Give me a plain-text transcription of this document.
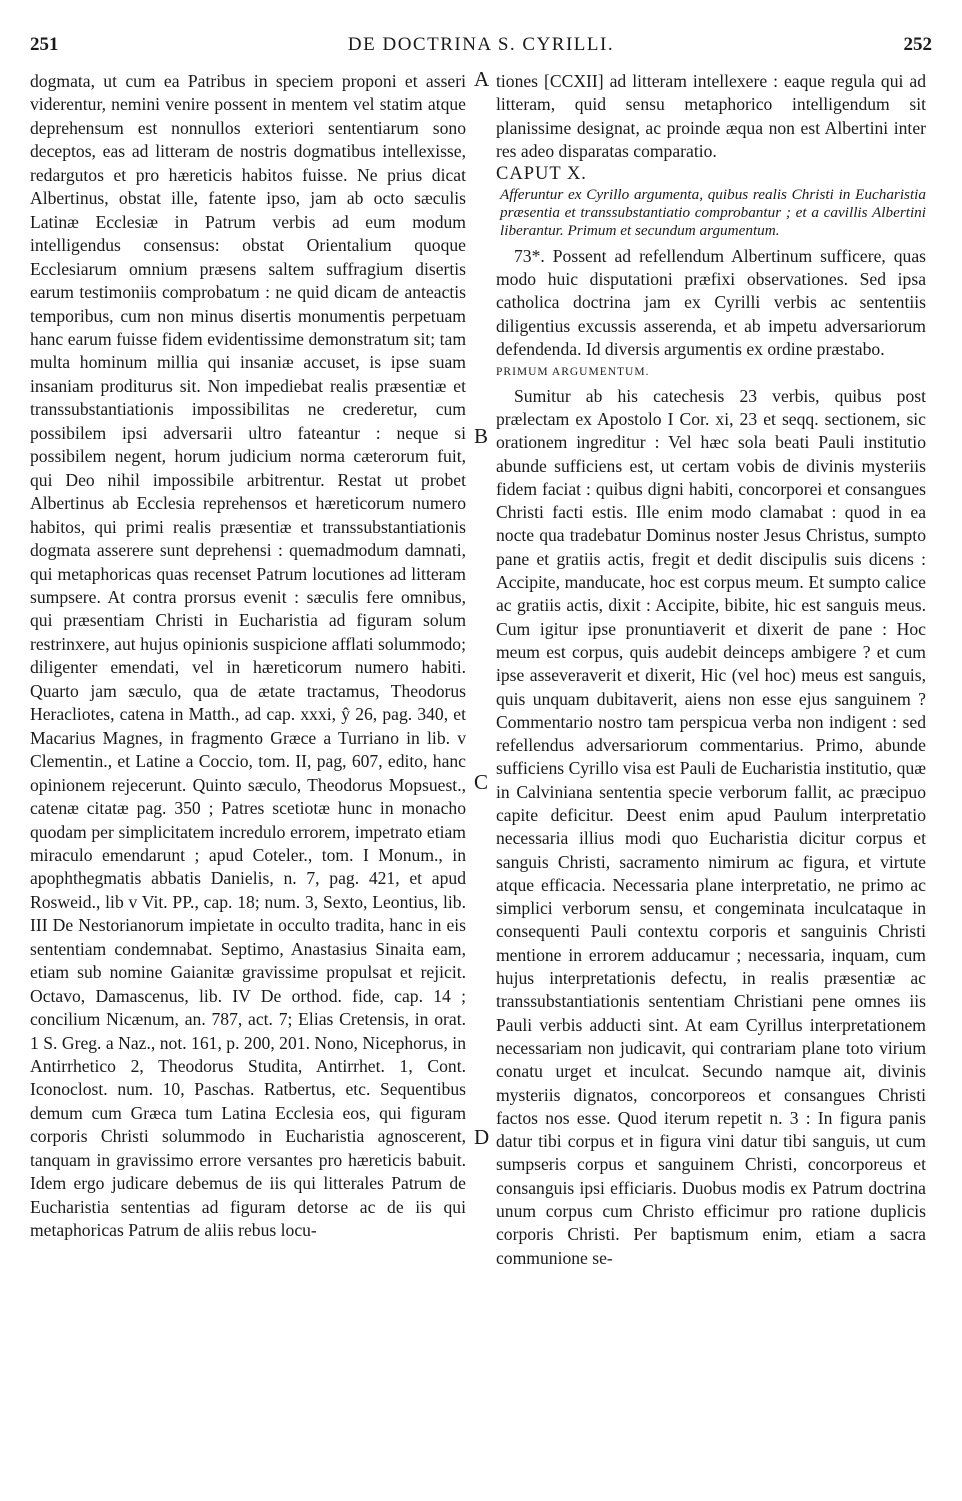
251	DE DOCTRINA S. CYRILLI.	252

dogmata, ut cum ea Patribus in speciem proponi et asseri viderentur, nemini venire possent in mentem vel statim atque deprehensum est nonnullos exteriori sententiarum sono deceptos, eas ad litteram de nostris dogmatibus intellexisse, redargutos et pro hæreticis habitos fuisse. Ne prius dicat Albertinus, obstat ille, fatente ipso, jam ab octo sæculis Latinæ Ecclesiæ in Patrum verbis ad eum modum intelligendus consensus: obstat Orientalium quoque Ecclesiarum omnium præsens saltem suffragium disertis earum testimoniis comprobatum : ne quid dicam de anteactis temporibus, cum non minus disertis monumentis perpetuam hanc earum fuisse fidem evidentissime demonstratum sit; tam multa hominum millia qui insaniæ accuset, is ipse suam insaniam proditurus sit. Non impediebat realis præsentiæ et transsubstantiationis impossibilitas ne crederetur, cum possibilem ipsi adversarii ultro fateantur : neque si possibilem negent, horum judicium norma cæterorum fuit, qui Deo nihil impossibile arbitrentur. Restat ut probet Albertinus ab Ecclesia reprehensos et hæreticorum numero habitos, qui primi realis præsentiæ et transsubstantiationis dogmata asserere sunt deprehensi : quemadmodum damnati, qui metaphoricas quas recenset Patrum locutiones ad litteram sumpsere. At contra prorsus evenit : sæculis fere omnibus, qui præsentiam Christi in Eucharistia ad figuram solum restrinxere, aut hujus opinionis suspicione afflati solummodo; diligenter emendati, vel in hæreticorum numero habiti. Quarto jam sæculo, qua de ætate tractamus, Theodorus Heracliotes, catena in Matth., ad cap. xxxi, ŷ 26, pag. 340, et Macarius Magnes, in fragmento Græce a Turriano in lib. v Clementin., et Latine a Coccio, tom. II, pag, 607, edito, hanc opinionem rejecerunt. Quinto sæculo, Theodorus Mopsuest., catenæ citatæ pag. 350 ; Patres scetiotæ hunc in monacho quodam per simplicitatem incredulo errorem, impetrato etiam miraculo emendarunt ; apud Coteler., tom. I Monum., in apophthegmatis abbatis Danielis, n. 7, pag. 421, et apud Rosweid., lib v Vit. PP., cap. 18; num. 3, Sexto, Leontius, lib. III De Nestorianorum impietate in occulto tradita, hanc in eis sententiam condemnabat. Septimo, Anastasius Sinaita eam, etiam sub nomine Gaianitæ gravissime propulsat et rejicit. Octavo, Damascenus, lib. IV De orthod. fide, cap. 14 ; concilium Nicænum, an. 787, act. 7; Elias Cretensis, in orat. 1 S. Greg. a Naz., not. 161, p. 200, 201. Nono, Nicephorus, in Antirrhetico 2, Theodorus Studita, Antirrhet. 1, Cont. Iconoclost. num. 10, Paschas. Ratbertus, etc. Sequentibus demum cum Græca tum Latina Ecclesia eos, qui figuram corporis Christi solummodo in Eucharistia agnoscerent, tanquam in gravissimo errore versantes pro hæreticis babuit. Idem ergo judicare debemus de iis qui litterales Patrum de Eucharistia sententias ad figuram detorse ac de iis qui metaphoricas Patrum de aliis rebus locu-

A
B
C
D

tiones [CCXII] ad litteram intellexere : eaque regula qui ad litteram, quid sensu metaphorico intelligendum sit planissime designat, ac proinde æqua non est Albertini inter res adeo disparatas comparatio.

CAPUT X.

Afferuntur ex Cyrillo argumenta, quibus realis Christi in Eucharistia præsentia et transsubstantiatio comprobantur ; et a cavillis Albertini liberantur. Primum et secundum argumentum.

73*. Possent ad refellendum Albertinum sufficere, quas modo huic disputationi præfixi observationes. Sed ipsa catholica doctrina jam ex Cyrilli verbis ac sententiis diligentius excussis asserenda, et ab impetu adversariorum defendenda. Id diversis argumentis ex ordine præstabo.

PRIMUM ARGUMENTUM.

Sumitur ab his catechesis 23 verbis, quibus post prælectam ex Apostolo I Cor. xi, 23 et seqq. sectionem, sic orationem ingreditur : Vel hæc sola beati Pauli institutio abunde sufficiens est, ut certam vobis de divinis mysteriis fidem faciat : quibus digni habiti, concorporei et consangues Christi facti estis. Ille enim modo clamabat : quod in ea nocte qua tradebatur Dominus noster Jesus Christus, sumpto pane et gratiis actis, fregit et dedit discipulis suis dicens : Accipite, manducate, hoc est corpus meum. Et sumpto calice ac gratiis actis, dixit : Accipite, bibite, hic est sanguis meus. Cum igitur ipse pronuntiaverit et dixerit de pane : Hoc meum est corpus, quis audebit deinceps ambigere ? et cum ipse asseveraverit et dixerit, Hic (vel hoc) meus est sanguis, quis unquam dubitaverit, aiens non esse ejus sanguinem ? Commentario nostro tam perspicua verba non indigent : sed refellendus adversariorum commentarius. Primo, abunde sufficiens Cyrillo visa est Pauli de Eucharistia institutio, quæ in Calviniana sententia specie verborum fallit, ac præcipuo capite deficitur. Deest enim apud Paulum interpretatio necessaria illius modi quo Eucharistia dicitur corpus et sanguis Christi, sacramento nimirum ac figura, et virtute atque efficacia. Necessaria plane interpretatio, ne primo ac simplici verborum sensu, et congeminata inculcataque in consequenti Pauli contextu corporis et sanguinis Christi mentione in errorem adducamur ; necessaria, inquam, cum hujus interpretationis defectu, in realis præsentiæ ac transsubstantiationis sententiam Christiani pene omnes iis Pauli verbis adducti sint. At eam Cyrillus interpretationem necessariam non judicavit, qui contrariam plane toto virium conatu urget et inculcat. Secundo namque ait, divinis mysteriis dignatos, concorporeos et consangues Christi factos nos esse. Quod iterum repetit n. 3 : In figura panis datur tibi corpus et in figura vini datur tibi sanguis, ut cum sumpseris corpus et sanguinem Christi, concorporeus et consanguis ipsi efficiaris. Duobus modis ex Patrum doctrina unum corpus cum Christo efficimur pro ratione duplicis corporis Christi. Per baptismum enim, etiam a sacra communione se-
